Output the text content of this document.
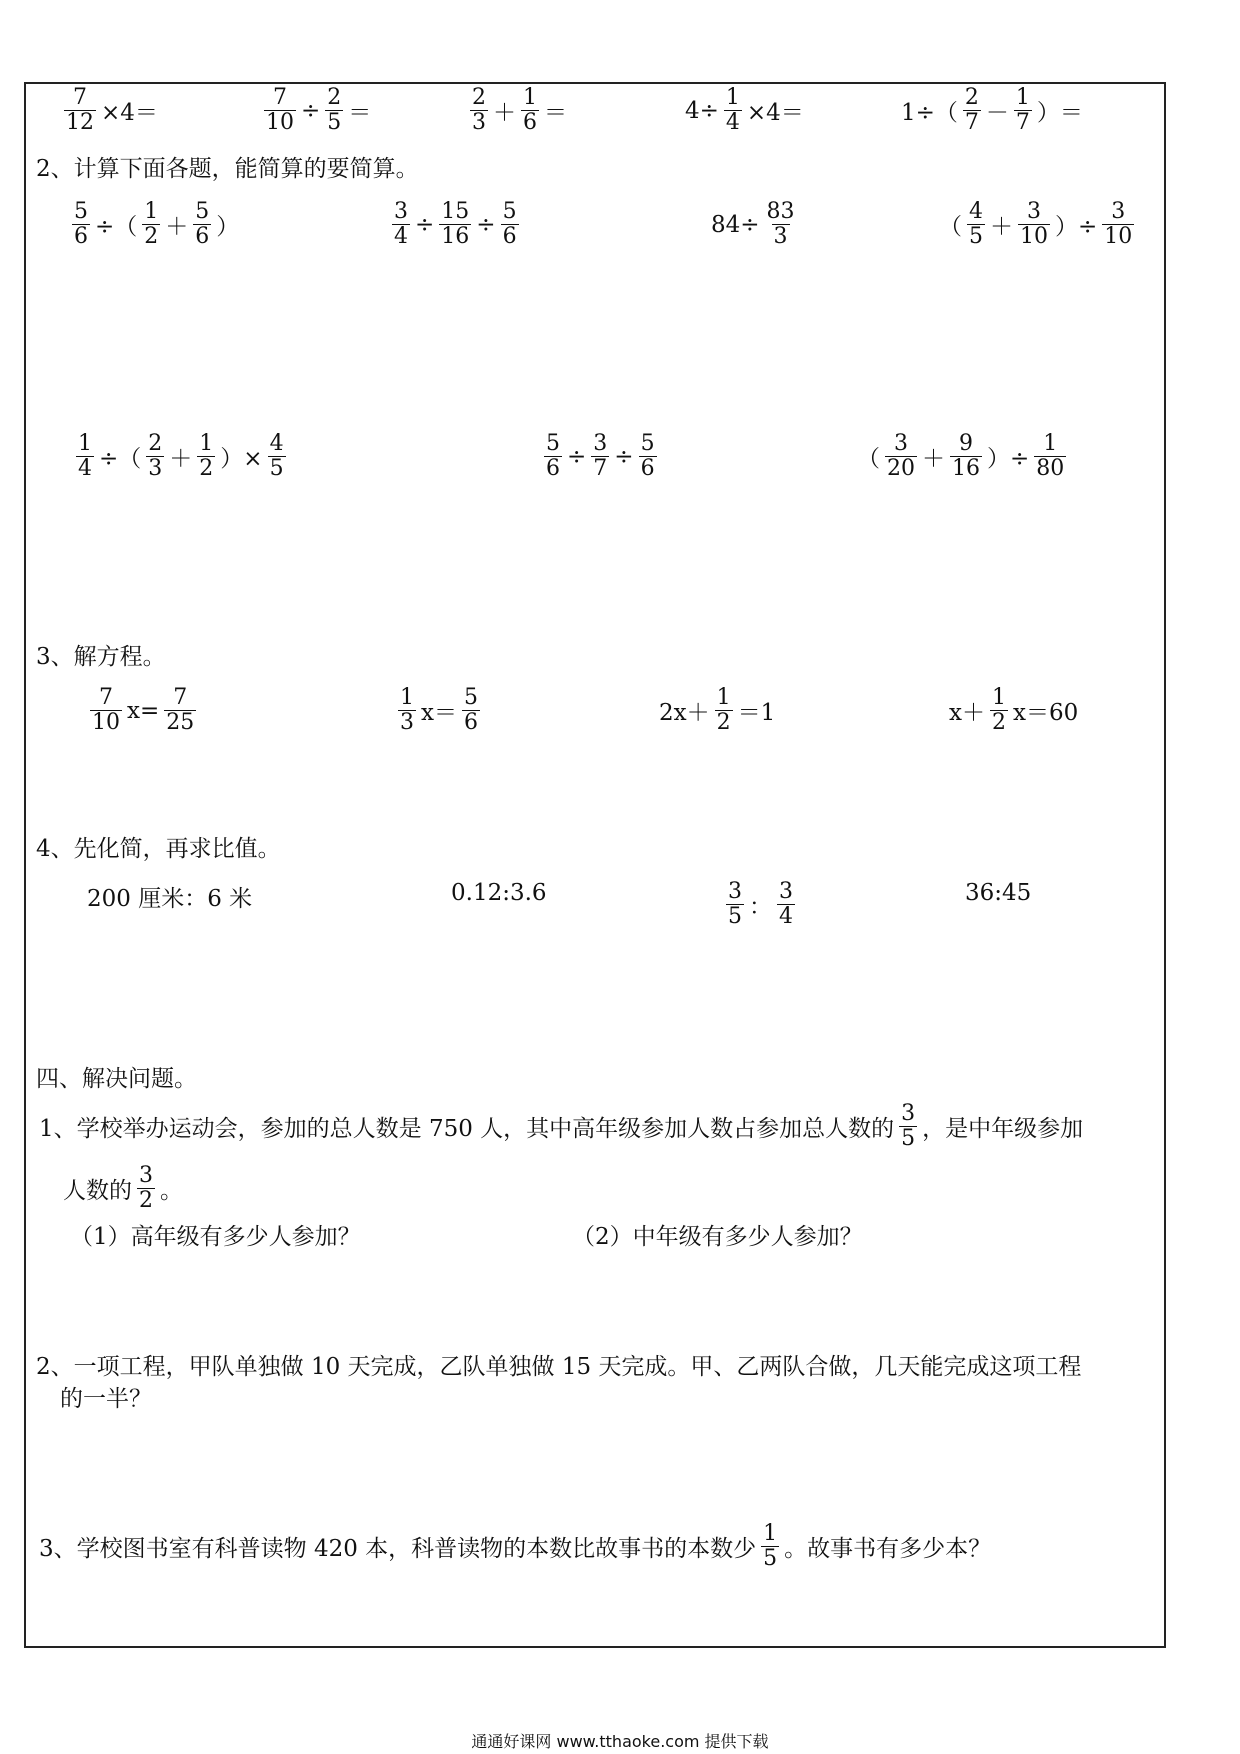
$\frac{7}{12} \times 4=$	$\frac{7}{10} \div \frac{2}{5}$ ＝	$\frac{2}{3} + \frac{1}{6}$ ＝	$4\div \frac{1}{4} \times 4=$	$1\div( \frac{2}{7} - \frac{1}{7}$ ）＝
2、计算下面各题，能简算的要简算。
$\frac{5}{6}$ ÷（ $\frac{1}{2} + \frac{5}{6}$ ）	$\frac{3}{4} \div \frac{15}{16} \div \frac{5}{6}$	$84\div \frac{83}{3}$	（ $\frac{4}{5} + \frac{3}{10}$ ）÷ $\frac{3}{10}$
$\frac{1}{4}$ ÷（ $\frac{2}{3} + \frac{1}{2}$ ）× $\frac{4}{5}$	$\frac{5}{6} \div \frac{3}{7} \div \frac{5}{6}$	（ $\frac{3}{20} + \frac{9}{16}$ ）÷ $\frac{1}{80}$
3、解方程。
$\frac{7}{10} x= \frac{7}{25}$	$\frac{1}{3} x= \frac{5}{6}$	$2x+ \frac{1}{2} =1$	$x+ \frac{1}{2} x=60$
4、先化简，再求比值。
200 厘米：6 米	0.12:3.6	$\frac{3}{5}$ ： $\frac{3}{4}$	36:45
四、解决问题。
1、学校举办运动会，参加的总人数是 750 人，其中高年级参加人数占参加总人数的 $\frac{3}{5}$ ，是中年级参加
人数的 $\frac{3}{2}$ 。
（1）高年级有多少人参加？	（2）中年级有多少人参加？
2、一项工程，甲队单独做 10 天完成，乙队单独做 15 天完成。甲、乙两队合做，几天能完成这项工程
的一半？
3、学校图书室有科普读物 420 本，科普读物的本数比故事书的本数少 $\frac{1}{5}$ 。故事书有多少本？
通通好课网 www.tthaoke.com 提供下载
